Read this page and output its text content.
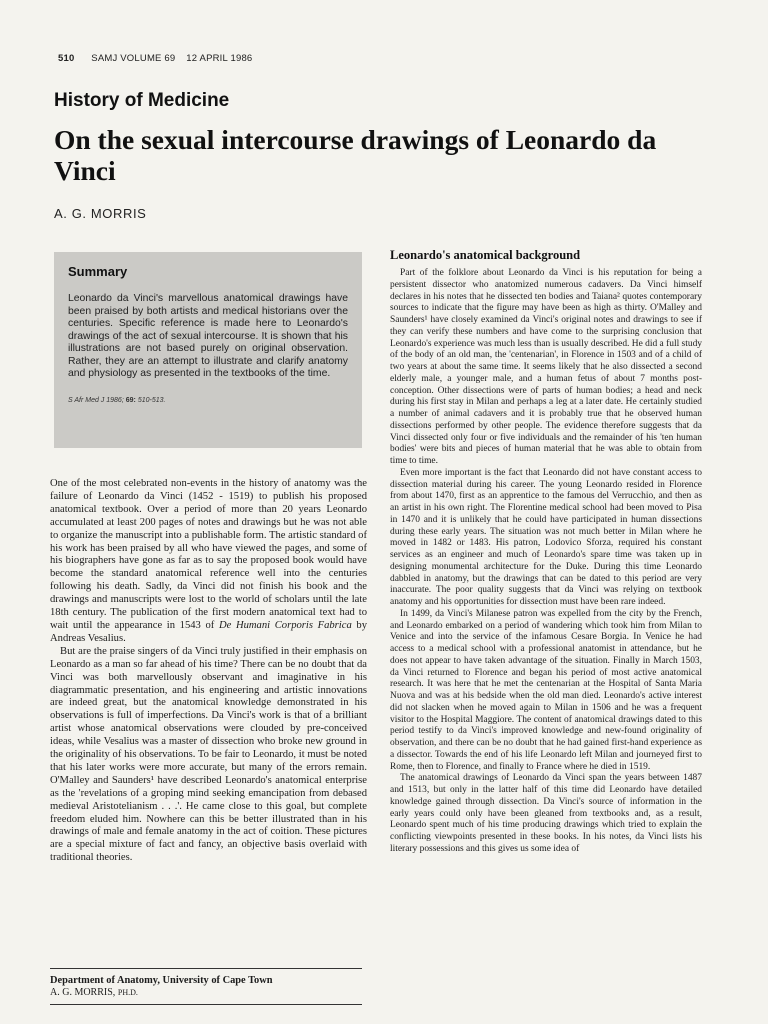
510 SAMJ VOLUME 69 12 APRIL 1986
History of Medicine
On the sexual intercourse drawings of Leonardo da Vinci
A. G. MORRIS
Summary

Leonardo da Vinci's marvellous anatomical drawings have been praised by both artists and medical historians over the centuries. Specific reference is made here to Leonardo's drawings of the act of sexual intercourse. It is shown that his illustrations are not based purely on original observation. Rather, they are an attempt to illustrate and clarify anatomy and physiology as presented in the textbooks of the time.

S Afr Med J 1986; 69: 510-513.

One of the most celebrated non-events in the history of anatomy was the failure of Leonardo da Vinci (1452 - 1519) to publish his proposed anatomical textbook. Over a period of more than 20 years Leonardo accumulated at least 200 pages of notes and drawings but he was not able to organize the manuscript into a publishable form. The artistic standard of his work has been praised by all who have viewed the pages, and some of his biographers have gone as far as to say the proposed book would have become the standard anatomical reference well into the centuries following his death. Sadly, da Vinci did not finish his book and the drawings and manuscripts were lost to the world of scholars until the late 18th century. The publication of the first modern anatomical text had to wait until the appearance in 1543 of De Humani Corporis Fabrica by Andreas Vesalius.

But are the praise singers of da Vinci truly justified in their emphasis on Leonardo as a man so far ahead of his time? There can be no doubt that da Vinci was both marvellously observant and imaginative in his diagrammatic presentation, and his engineering and artistic innovations are indeed great, but the anatomical knowledge demonstrated in his observations is full of imperfections. Da Vinci's work is that of a brilliant artist whose anatomical observations were clouded by pre-conceived ideas, while Vesalius was a master of dissection who broke new ground in the originality of his observations. To be fair to Leonardo, it must be noted that his later works were more accurate, but many of the errors remain. O'Malley and Saunders¹ have described Leonardo's anatomical enterprise as the 'revelations of a groping mind seeking emancipation from debased medieval Aristotelianism . . .'. He came close to this goal, but complete freedom eluded him. Nowhere can this be better illustrated than in his drawings of male and female anatomy in the act of coition. These pictures are a special mixture of fact and fancy, an objective basis overlaid with traditional theories.

Leonardo's anatomical background

Part of the folklore about Leonardo da Vinci is his reputation for being a persistent dissector who anatomized numerous cadavers. Da Vinci himself declares in his notes that he dissected ten bodies and Taiana² quotes contemporary sources to indicate that the figure may have been as high as thirty. O'Malley and Saunders¹ have closely examined da Vinci's original notes and drawings to see if they can verify these numbers and have come to the surprising conclusion that Leonardo's experience was much less than is usually described. He did a full study of the body of an old man, the 'centenarian', in Florence in 1503 and of a child of two years at about the same time. It seems likely that he also dissected a second elderly male, a younger male, and a human fetus of about 7 months post-conception. Other dissections were of parts of human bodies; a head and neck during his first stay in Milan and perhaps a leg at a later date. He certainly studied a number of animal cadavers and it is probably true that he observed human dissections performed by other people. The evidence therefore suggests that da Vinci dissected only four or five individuals and the remainder of his 'ten human bodies' were bits and pieces of human material that he was able to obtain from time to time.

Even more important is the fact that Leonardo did not have constant access to dissection material during his career. The young Leonardo resided in Florence from about 1470, first as an apprentice to the famous del Verrucchio, and then as an artist in his own right. The Florentine medical school had been moved to Pisa in 1470 and it is unlikely that he could have participated in human dissections during these early years. The situation was not much better in Milan where he moved in 1482 or 1483. His patron, Lodovico Sforza, required his constant services as an engineer and much of Leonardo's spare time was taken up in designing monumental architecture for the Duke. During this time Leonardo dabbled in anatomy, but the drawings that can be dated to this period are very inaccurate. The poor quality suggests that da Vinci was relying on textbook anatomy and his opportunities for dissection must have been rare indeed.

In 1499, da Vinci's Milanese patron was expelled from the city by the French, and Leonardo embarked on a period of wandering which took him from Milan to Venice and into the service of the infamous Cesare Borgia. In Venice he had access to a medical school with a professional anatomist in attendance, but he does not appear to have taken advantage of the situation. Finally in March 1503, da Vinci returned to Florence and began his period of most active anatomical research. It was here that he met the centenarian at the Hospital of Santa Maria Nuova and was at his bedside when the old man died. Leonardo's active interest did not slacken when he moved again to Milan in 1506 and he was a frequent visitor to the Hospital Maggiore. The content of anatomical drawings dated to this period testify to da Vinci's improved knowledge and new-found originality of observation, and there can be no doubt that he had gained first-hand experience as a dissector. Towards the end of his life Leonardo left Milan and journeyed first to Rome, then to Florence, and finally to France where he died in 1519.

The anatomical drawings of Leonardo da Vinci span the years between 1487 and 1513, but only in the latter half of this time did Leonardo have detailed knowledge gained through dissection. Da Vinci's source of information in the early years could only have been gleaned from textbooks and, as a result, Leonardo spent much of his time producing drawings which tried to explain the conflicting viewpoints presented in these books. In his notes, da Vinci lists his literary possessions and this gives us some idea of

Department of Anatomy, University of Cape Town
A. G. MORRIS, PH.D.
